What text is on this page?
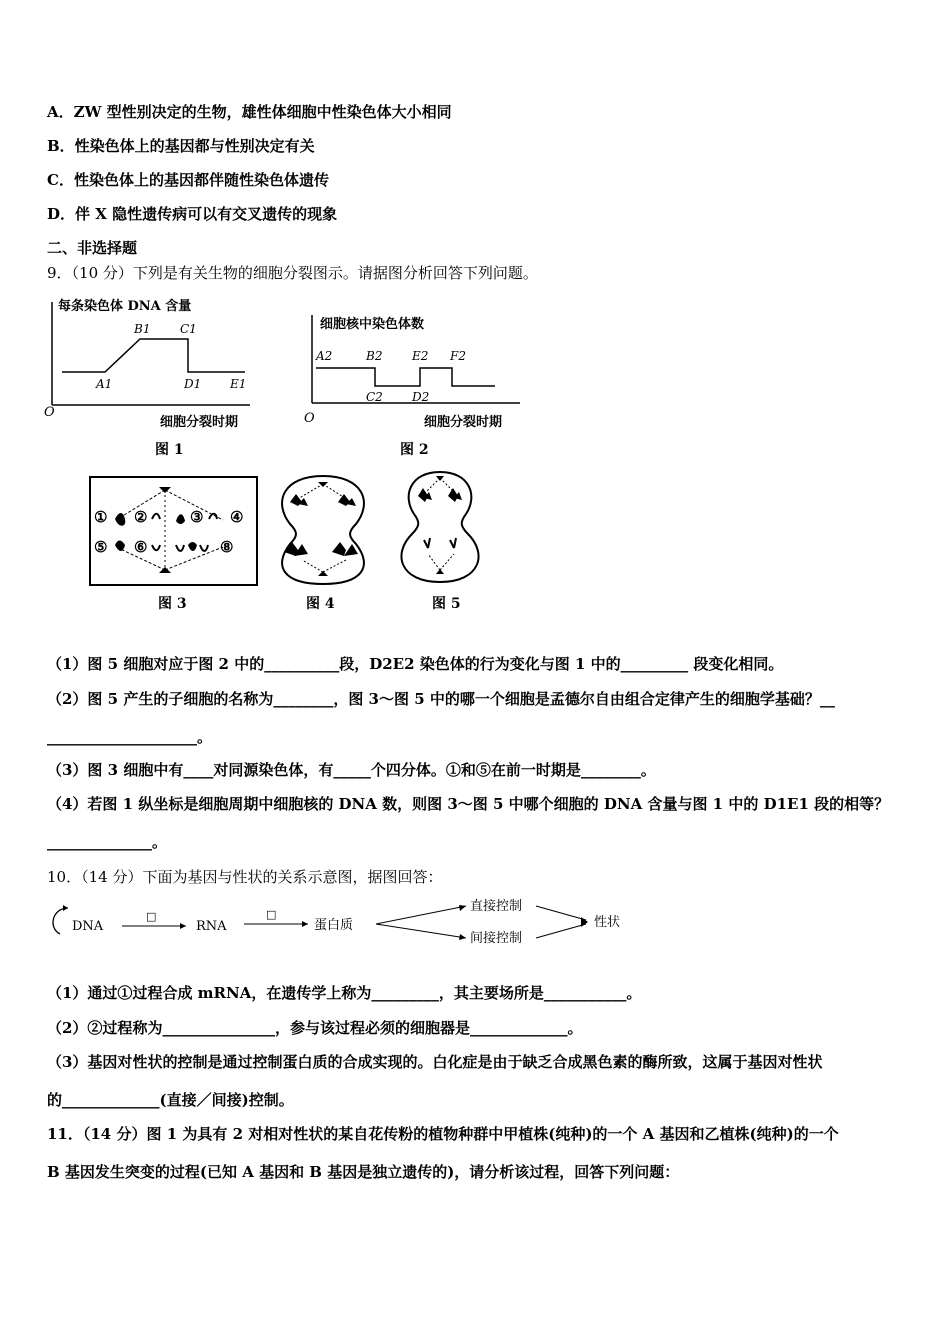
A．ZW 型性别决定的生物，雄性体细胞中性染色体大小相同
B．性染色体上的基因都与性别决定有关
C．性染色体上的基因都伴随性染色体遗传
D．伴 X 隐性遗传病可以有交叉遗传的现象
二、非选择题
9．（10 分）下列是有关生物的细胞分裂图示。请据图分析回答下列问题。
每条染色体 DNA 含量
A1
B1 C1
D1 E1
O
细胞分裂时期
图 1
细胞核中染色体数
A2	B2
C2 D2
E2 F2
O	细胞分裂时期
图 2
① ②	③ ④
⑤ ⑥	⑧
图 3	图 4	图 5
（1）图 5 细胞对应于图 2 中的__________段，D2E2 染色体的行为变化与图 1 中的_________ 段变化相同。
（2）图 5 产生的子细胞的名称为________，图 3～图 5 中的哪一个细胞是孟德尔自由组合定律产生的细胞学基础？__
____________________。
（3）图 3 细胞中有____对同源染色体，有_____个四分体。①和⑤在前一时期是________。
（4）若图 1 纵坐标是细胞周期中细胞核的 DNA 数，则图 3～图 5 中哪个细胞的 DNA 含量与图 1 中的 D1E1 段的相等？
______________。
10．（14 分）下面为基因与性状的关系示意图，据图回答：
DNA
□
RNA
□
蛋白质
直接控制
间接控制
性状
（1）通过①过程合成 mRNA，在遗传学上称为_________，其主要场所是___________。
（2）②过程称为_______________，参与该过程必须的细胞器是_____________。
（3）基因对性状的控制是通过控制蛋白质的合成实现的。白化症是由于缺乏合成黑色素的酶所致，这属于基因对性状
的_____________(直接／间接)控制。
11．（14 分）图 1 为具有 2 对相对性状的某自花传粉的植物种群中甲植株(纯种)的一个 A 基因和乙植株(纯种)的一个
B 基因发生突变的过程(已知 A 基因和 B 基因是独立遗传的)，请分析该过程，回答下列问题：
